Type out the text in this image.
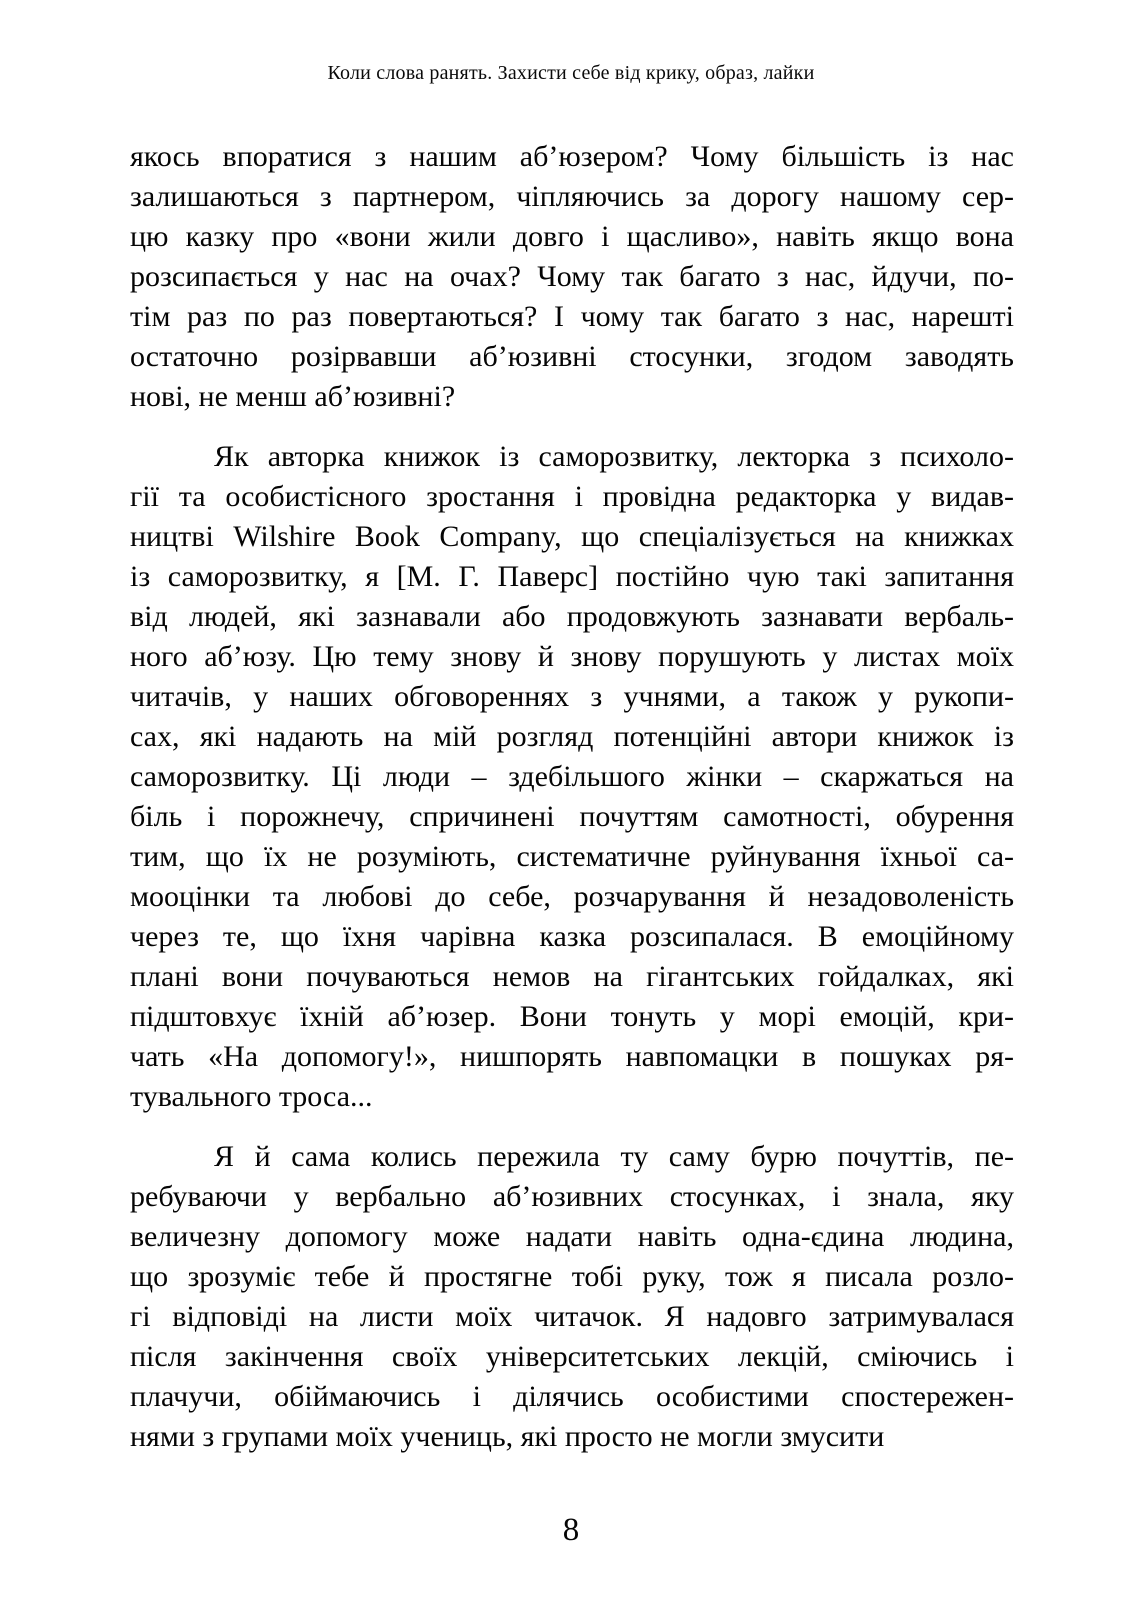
Коли слова ранять. Захисти себе від крику, образ, лайки
якось впоратися з нашим аб’юзером? Чому більшість із нас
залишаються з партнером, чіпляючись за дорогу нашому сер-
цю казку про «вони жили довго і щасливо», навіть якщо вона
розсипається у нас на очах? Чому так багато з нас, йдучи, по-
тім раз по раз повертаються? І чому так багато з нас, нарешті
остаточно розірвавши аб’юзивні стосунки, згодом заводять
нові, не менш аб’юзивні?
Як авторка книжок із саморозвитку, лекторка з психоло-
гії та особистісного зростання і провідна редакторка у видав-
ництві Wilshire Book Company, що спеціалізується на книжках
із саморозвитку, я [М. Г. Паверс] постійно чую такі запитання
від людей, які зазнавали або продовжують зазнавати вербаль-
ного аб’юзу. Цю тему знову й знову порушують у листах моїх
читачів, у наших обговореннях з учнями, а також у рукопи-
сах, які надають на мій розгляд потенційні автори книжок із
саморозвитку. Ці люди – здебільшого жінки – скаржаться на
біль і порожнечу, спричинені почуттям самотності, обурення
тим, що їх не розуміють, систематичне руйнування їхньої са-
мооцінки та любові до себе, розчарування й незадоволеність
через те, що їхня чарівна казка розсипалася. В емоційному
плані вони почуваються немов на гігантських гойдалках, які
підштовхує їхній аб’юзер. Вони тонуть у морі емоцій, кри-
чать «На допомогу!», нишпорять навпомацки в пошуках ря-
тувального троса...
Я й сама колись пережила ту саму бурю почуттів, пе-
ребуваючи у вербально аб’юзивних стосунках, і знала, яку
величезну допомогу може надати навіть одна-єдина людина,
що зрозуміє тебе й простягне тобі руку, тож я писала розло-
гі відповіді на листи моїх читачок. Я надовго затримувалася
після закінчення своїх університетських лекцій, сміючись і
плачучи, обіймаючись і ділячись особистими спостережен-
нями з групами моїх учениць, які просто не могли змусити
8
